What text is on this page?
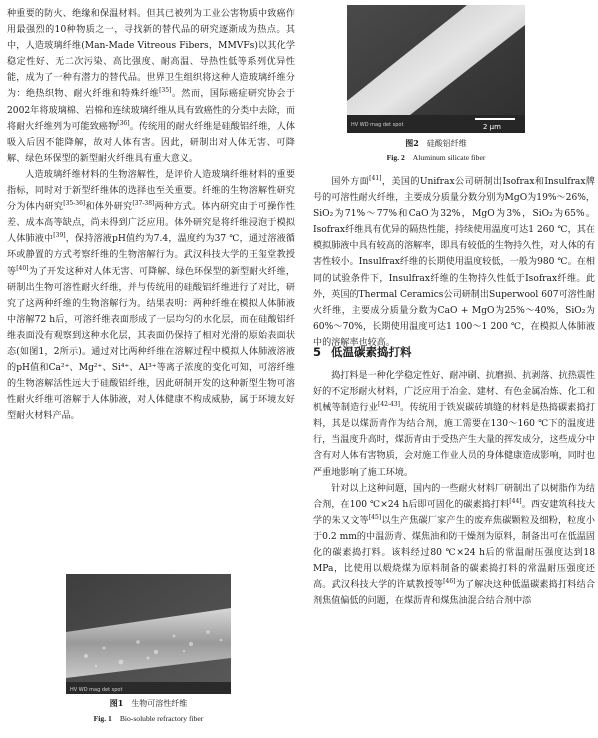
种重要的防火、绝缘和保温材料。但其已被列为工业公害物质中致癌作用最强烈的10种物质之一，寻找新的替代品的研究逐渐成为热点。其中，人造玻璃纤维(Man-Made Vitreous Fibers，MMVFs)以其化学稳定性好、无二次污染、高比强度、耐高温、导热性低等系列优异性能，成为了一种有潜力的替代品。世界卫生组织将这种人造玻璃纤维分为：绝热织物、耐火纤维和特殊纤维[35]。然而，国际癌症研究协会于2002年将玻璃棉、岩棉和连续玻璃纤维从具有致癌性的分类中去除，而将耐火纤维列为可能致癌物[36]。传统用的耐火纤维是硅酸铝纤维，人体吸入后因不能降解，故对人体有害。因此，研制出对人体无害、可降解、绿色环保型的新型耐火纤维具有重大意义。

人造玻璃纤维材料的生物溶解性，是评价人造玻璃纤维材料的重要指标，同时对于新型纤维体的选择也至关重要。纤维的生物溶解性研究分为体内研究[35-36]和体外研究[37-38]两种方式。体内研究由于可操作性差、成本高等缺点，尚未得到广泛应用。体外研究是将纤维浸泡于模拟人体肺液中[39]，保持溶液pH值约为7.4，温度约为37 ℃，通过溶液循环或静置的方式考察纤维的生物溶解行为。武汉科技大学的王玺堂教授等[40]为了开发这种对人体无害、可降解、绿色环保型的新型耐火纤维，研制出生物可溶性耐火纤维，并与传统用的硅酸铝纤维进行了对比，研究了这两种纤维的生物溶解行为。结果表明：两种纤维在模拟人体肺液中溶解72 h后，可溶纤维表面形成了一层均匀的水化层，而在硅酸铝纤维表面没有观察到这种水化层，其表面仍保持了相对光滑的原始表面状态(如图1，2所示)。通过对比两种纤维在溶解过程中模拟人体肺液溶液的pH值和Ca²⁺、Mg²⁺、Si⁴⁺、Al³⁺等离子浓度的变化可知，可溶纤维的生物溶解活性远大于硅酸铝纤维，因此研制开发的这种新型生物可溶性耐火纤维可溶解于人体肺液，对人体健康不构成威胁，属于环境友好型耐火材料产品。

HV WD mag det spot
图1 生物可溶性纤维
Fig. 1 Bio-soluble refractory fiber
2 μm
HV WD mag det spot
图2 硅酸铝纤维
Fig. 2 Aluminum silicate fiber

国外方面[41]，美国的Unifrax公司研制出Isofrax和Insulfrax牌号的可溶性耐火纤维，主要成分质量分数分别为MgO为19%～26%，SiO₂为71%～77%和CaO为32%，MgO为3%，SiO₂为65%。Isofrax纤维具有优异的隔热性能，持续使用温度可达1 260 ℃，其在模拟肺液中具有较高的溶解率，即具有较低的生物持久性，对人体的有害性较小。Insulfrax纤维的长期使用温度较低，一般为980 ℃。在相同的试验条件下，Insulfrax纤维的生物持久性低于Isofrax纤维。此外，英国的Thermal Ceramics公司研制出Superwool 607可溶性耐火纤维，主要成分质量分数为CaO + MgO为25%～40%，SiO₂为60%～70%，长期使用温度可达1 100～1 200 ℃，在模拟人体肺液中的溶解率也较高。

5 低温碳素捣打料

捣打料是一种化学稳定性好、耐冲刷、抗磨损、抗剥落、抗热震性好的不定形耐火材料，广泛应用于冶金、建材、有色金属冶炼、化工和机械等制造行业[42-43]。传统用于铁炭碳砖填缝的材料是热捣碳素捣打料，其是以煤沥青作为结合剂，施工需要在130～160 ℃下的温度进行，当温度升高时，煤沥青由于受热产生大量的挥发成分，这些成分中含有对人体有害物质，会对施工作业人员的身体健康造成影响，同时也严重地影响了施工环境。

针对以上这种问题，国内的一些耐火材料厂研制出了以树脂作为结合剂，在100 ℃×24 h后即可固化的碳素捣打料[44]。西安建筑科技大学的朱又文等[45]以生产焦碳厂家产生的废弃焦碳颗粒及细粉，粒度小于0.2 mm的中温沥青、煤焦油和防干燥剂为原料，制备出可在低温固化的碳素捣打料。该料经过80 ℃×24 h后的常温耐压强度达到18 MPa，比使用以煅烧煤为原料制备的碳素捣打料的常温耐压强度还高。武汉科技大学的许斌教授等[46]为了解决这种低温碳素捣打料结合剂焦值偏低的问题，在煤沥青和煤焦油混合结合剂中添
